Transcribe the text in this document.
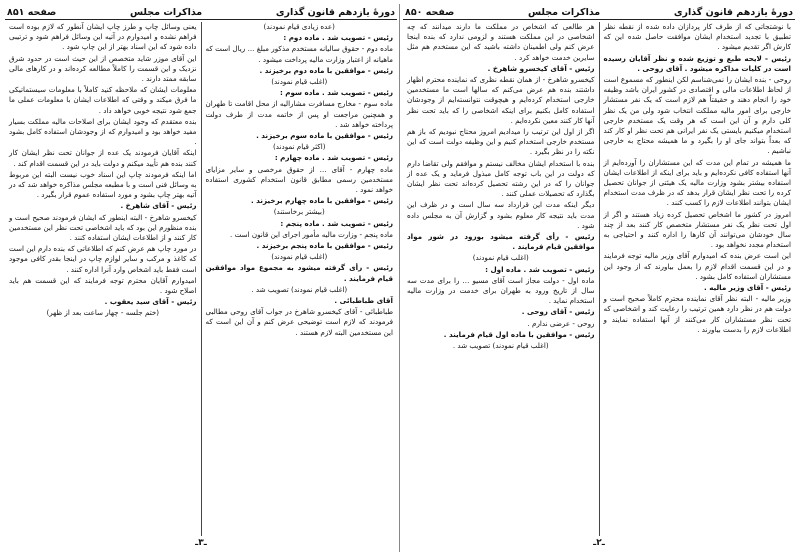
دورهٔ یازدهم قانون گذاری
مذاکرات مجلس
صفحه ۸۵۰

با نوشتجاتی که از طرف کار پردازان داده شده از نقطه نظر تطبیق با تجدید استخدام ایشان موافقت حاصل شده این که کارش اگر تقدیم میشود .

رئیس - لایحه طبع و توزیع شده و نظر آقایان رسیده است در کلیات مذاکره میشود . آقای روحی .

روحی - بنده ایشان را نمی‌شناسم لکن اینطور که مسموع است از لحاظ اطلاعات مالی و اقتصادی در کشور ایران باشد وظیفه خود را انجام دهند و حقیقتاً هم لازم است که یک نفر مستشار خارجی برای امور مالیه مملکت انتخاب شود ولی من یک نظر کلی دارم و آن این است که هر وقت یک مستخدم خارجی استخدام میکنیم بایستی یک نفر ایرانی هم تحت نظر او کار کند که بعداً بتواند جای او را بگیرد و ما همیشه محتاج به خارجی نباشیم .

ما همیشه در تمام این مدت که این مستشاران را آورده‌ایم از آنها استفاده کافی نکرده‌ایم و باید برای اینکه از اطلاعات ایشان استفاده بیشتر بشود وزارت مالیه یک هیئتی از جوانان تحصیل کرده را تحت نظر ایشان قرار بدهد که در ظرف مدت استخدام ایشان بتوانند اطلاعات لازم را کسب کنند .

امروز در کشور ما اشخاص تحصیل کرده زیاد هستند و اگر از اول تحت نظر یک نفر مستشار متخصص کار کنند بعد از چند سال خودشان می‌توانند آن کارها را اداره کنند و احتیاجی به استخدام مجدد نخواهد بود .

این است عرض بنده که امیدوارم آقای وزیر مالیه توجه فرمایند و در این قسمت اقدام لازم را بعمل بیاورند که از وجود این مستشاران استفاده کامل بشود .

رئیس - آقای وزیر مالیه .

وزیر مالیه - البته نظر آقای نماینده محترم کاملاً صحیح است و دولت هم در نظر دارد همین ترتیب را رعایت کند و اشخاصی که تحت نظر مستشاران کار می‌کنند از آنها استفاده نمایند و اطلاعات لازم را بدست بیاورند .

هر طالعی که اشخاص در مملکت ما دارند میدانند که چه اشخاصی در این مملکت هستند و لزومی ندارد که بنده اینجا عرض کنم ولی اطمینان داشته باشید که این مستخدم هم مثل سایرین خدمت خواهد کرد .

رئیس - آقای کیخسرو شاهرخ .

کیخسرو شاهرخ - از همان نقطه نظری که نماینده محترم اظهار داشتند بنده هم عرض می‌کنم که سالها است ما مستخدمین خارجی استخدام کرده‌ایم و هیچوقت نتوانسته‌ایم از وجودشان استفاده کامل بکنیم برای اینکه اشخاصی را که باید تحت نظر آنها کار کنند معین نکرده‌ایم .

اگر از اول این ترتیب را میدادیم امروز محتاج نبودیم که باز هم مستخدم خارجی استخدام کنیم و این وظیفه دولت است که این نکته را در نظر بگیرد .

بنده با استخدام ایشان مخالف نیستم و موافقم ولی تقاضا دارم که دولت در این باب توجه کامل مبذول فرماید و یک عده از جوانان را که در این رشته تحصیل کرده‌اند تحت نظر ایشان بگذارد که تحصیلات عملی کنند .

دیگر اینکه مدت این قرارداد سه سال است و در ظرف این مدت باید نتیجه کار معلوم بشود و گزارش آن به مجلس داده شود .

رئیس - رأی گرفته میشود بورود در شور مواد موافقین قیام فرمایند .

(اغلب قیام نمودند)

رئیس - تصویب شد . ماده اول :

ماده اول - دولت مجاز است آقای مسیو ... را برای مدت سه سال از تاریخ ورود به طهران برای خدمت در وزارت مالیه استخدام نماید .

رئیس - آقای روحی .

روحی - عرضی ندارم .

رئیس - موافقین با ماده اول قیام فرمایند .

(اغلب قیام نمودند) تصویب شد .

ـ۲ـ
دورهٔ یازدهم قانون گذاری
مذاکرات مجلس
صفحه ۸۵۱

(عده زیادی قیام نمودند)

رئیس - تصویب شد . ماده دوم :

ماده دوم - حقوق سالیانه مستخدم مذکور مبلغ ... ریال است که ماهیانه از اعتبار وزارت مالیه پرداخت میشود .

رئیس - موافقین با ماده دوم برخیزند .

(اغلب قیام نمودند)

رئیس - تصویب شد . ماده سوم :

ماده سوم - مخارج مسافرت مشارالیه از محل اقامت تا طهران و همچنین مراجعت او پس از خاتمه مدت از طرف دولت پرداخته خواهد شد .

رئیس - موافقین با ماده سوم برخیزند .

(اکثر قیام نمودند)

رئیس - تصویب شد . ماده چهارم :

ماده چهارم - آقای ... از حقوق مرخصی و سایر مزایای مستخدمین رسمی مطابق قانون استخدام کشوری استفاده خواهد نمود .

رئیس - موافقین با ماده چهارم برخیزند .

(بیشتر برخاستند)

رئیس - تصویب شد . ماده پنجم :

ماده پنجم - وزارت مالیه مأمور اجرای این قانون است .

رئیس - موافقین با ماده پنجم برخیزند .

(اغلب قیام نمودند)

رئیس - رأی گرفته میشود به مجموع مواد موافقین قیام فرمایند .

(اغلب قیام نمودند) تصویب شد .

آقای طباطبائی .

طباطبائی - آقای کیخسرو شاهرخ در جواب آقای روحی مطالبی فرمودند که لازم است توضیحی عرض کنم و آن این است که این مستخدمین البته لازم هستند .

یعنی وسائل چاپ و طرز چاپ ایشان آنطور که لازم بوده است فراهم نشده و امیدوارم در آتیه این وسائل فراهم شود و ترتیبی داده شود که این اسناد بهتر از این چاپ شود .

این آقای موزر شاید متخصص از این حیث است در حدود شرق نزدیک و این قسمت را کاملاً مطالعه کرده‌اند و در کارهای مالی سابقه ممتد دارند .

معلومات ایشان که ملاحظه کنید کاملاً با معلومات سیستماتیکی ما فرق میکند و وقتی که اطلاعات ایشان با معلومات عملی ما جمع شود نتیجه خوبی خواهد داد .

بنده معتقدم که وجود ایشان برای اصلاحات مالیه مملکت بسیار مفید خواهد بود و امیدوارم که از وجودشان استفاده کامل بشود .

اینکه آقایان فرمودند یک عده از جوانان تحت نظر ایشان کار کنند بنده هم تأیید میکنم و دولت باید در این قسمت اقدام کند .

اما اینکه فرمودند چاپ این اسناد خوب نیست البته این مربوط به وسائل فنی است و با مطبعه مجلس مذاکره خواهد شد که در آتیه بهتر چاپ بشود و مورد استفاده عموم قرار بگیرد .

رئیس - آقای شاهرخ .

کیخسرو شاهرخ - البته اینطور که ایشان فرمودند صحیح است و بنده منظورم این بود که باید اشخاصی تحت نظر این مستخدمین کار کنند و از اطلاعات ایشان استفاده کنند .

در مورد چاپ هم عرض کنم که اطلاعاتی که بنده دارم این است که کاغذ و مرکب و سایر لوازم چاپ در اینجا بقدر کافی موجود است فقط باید اشخاص وارد آنرا اداره کنند .

امیدوارم آقایان محترم توجه فرمایند که این قسمت هم باید اصلاح شود .

رئیس - آقای سید یعقوب .

(ختم جلسه - چهار ساعت بعد از ظهر)

ـ۳ـ
